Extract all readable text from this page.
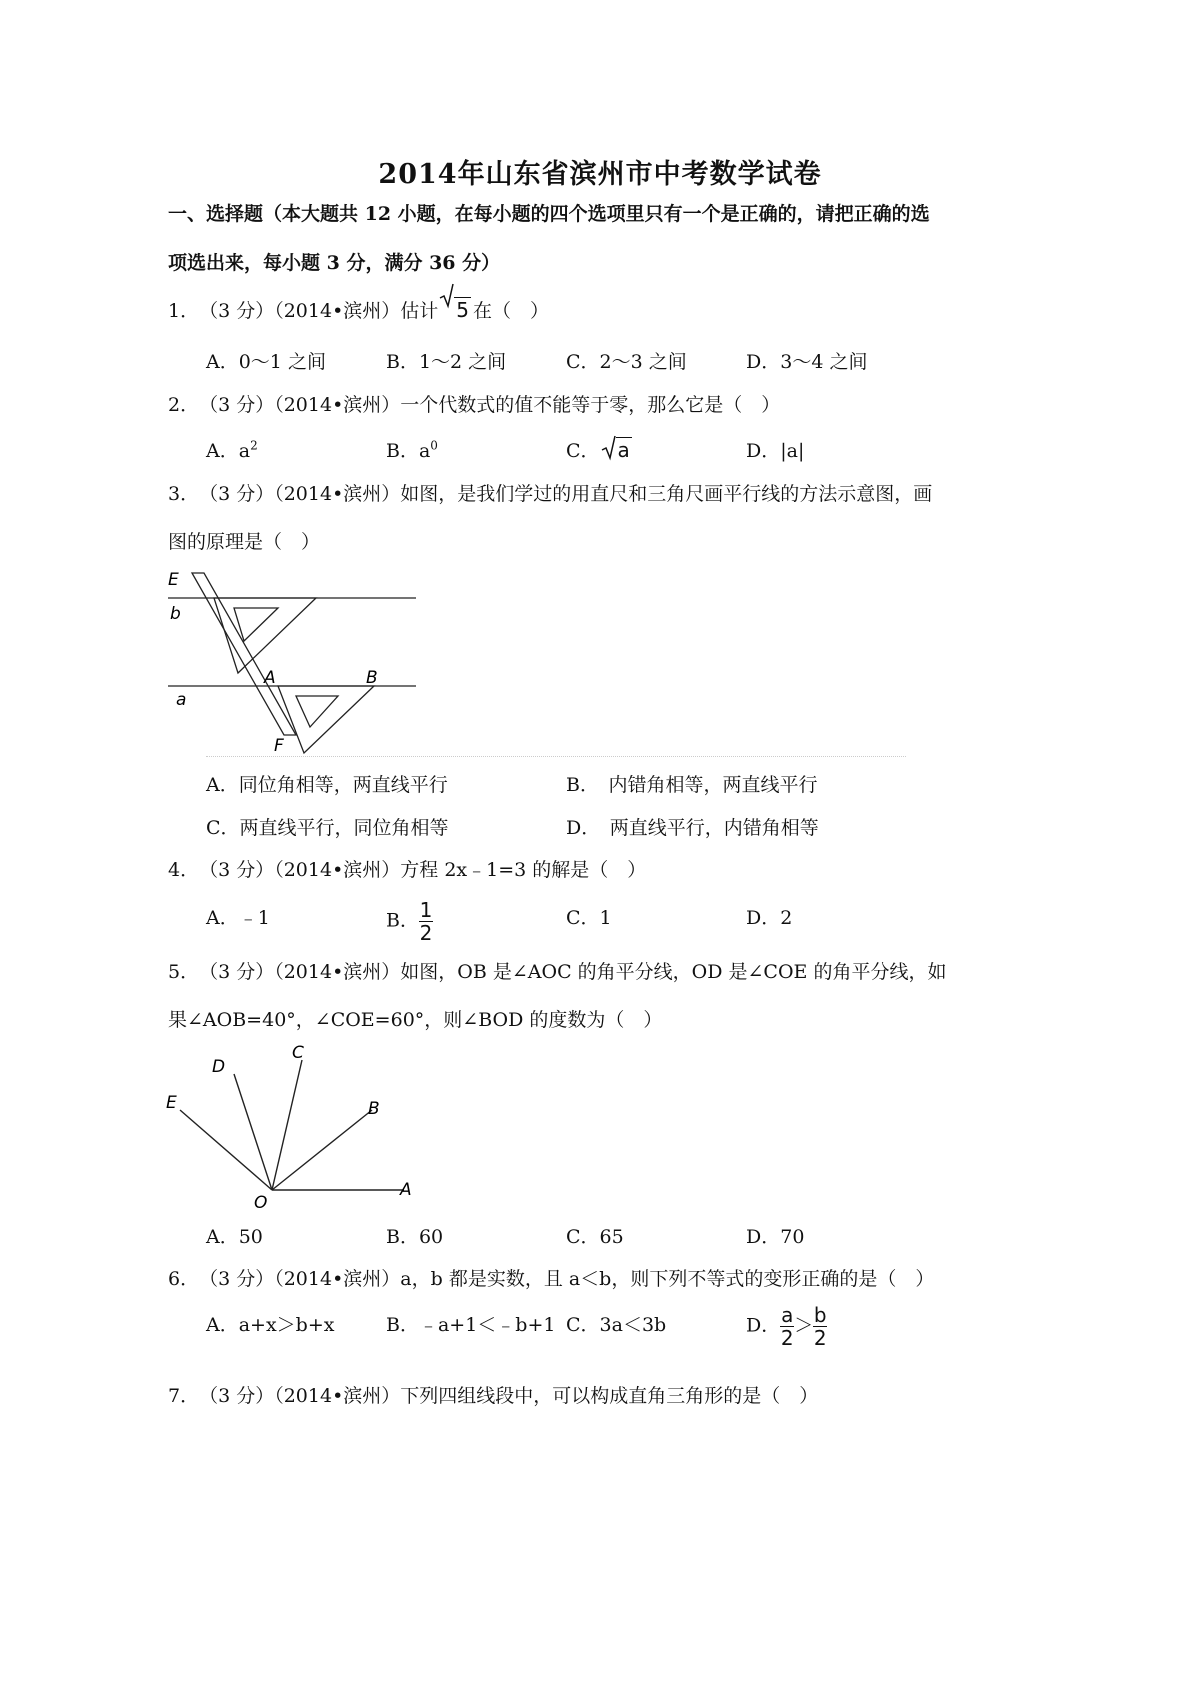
2014年山东省滨州市中考数学试卷
一、选择题（本大题共 12 小题，在每小题的四个选项里只有一个是正确的，请把正确的选
项选出来，每小题 3 分，满分 36 分）
1．（3 分）（2014•滨州）估计 5 在（　）
A．0～1 之间	B．1～2 之间	C．2～3 之间	D．3～4 之间
2．（3 分）（2014•滨州）一个代数式的值不能等于零，那么它是（　）
A．$a^2$	B．$a^0$	C． a	D．|a|
3．（3 分）（2014•滨州）如图，是我们学过的用直尺和三角尺画平行线的方法示意图，画
图的原理是（　）
E
b
A	B
a
F
A．同位角相等，两直线平行	B．　内错角相等，两直线平行
C．两直线平行，同位角相等	D．　两直线平行，内错角相等
4．（3 分）（2014•滨州）方程 2x﹣1=3 的解是（　）
A．﹣1	B． $\frac{1}{2}$	C．1	D．2
5．（3 分）（2014•滨州）如图，OB 是∠AOC 的角平分线，OD 是∠COE 的角平分线，如
果∠AOB=40°，∠COE=60°，则∠BOD 的度数为（　）
D
C
E	B
O
A
A．50	B．60	C．65	D．70
6．（3 分）（2014•滨州）a，b 都是实数，且 a＜b，则下列不等式的变形正确的是（　）
A．a+x＞b+x	B．﹣a+1＜﹣b+1 C．3a＜3b	D． $\frac{a}{2} > \frac{b}{2}$
7．（3 分）（2014•滨州）下列四组线段中，可以构成直角三角形的是（　）
